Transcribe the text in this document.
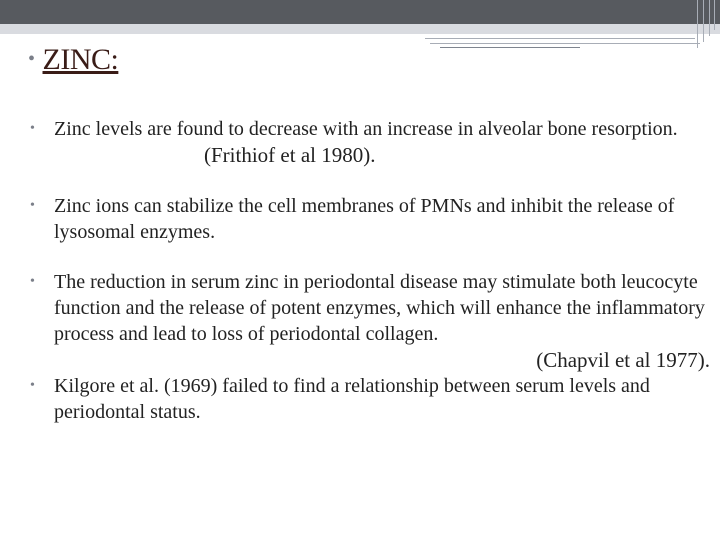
• ZINC:
• Zinc levels are found to decrease with an increase in alveolar bone resorption. (Frithiof et al 1980).
• Zinc ions can stabilize the cell membranes of PMNs and inhibit the release of lysosomal enzymes.
• The reduction in serum zinc in periodontal disease may stimulate both leucocyte function and the release of potent enzymes, which will enhance the inflammatory process and lead to loss of periodontal collagen.
(Chapvil et al 1977).
• Kilgore et al. (1969) failed to find a relationship between serum levels and periodontal status.
